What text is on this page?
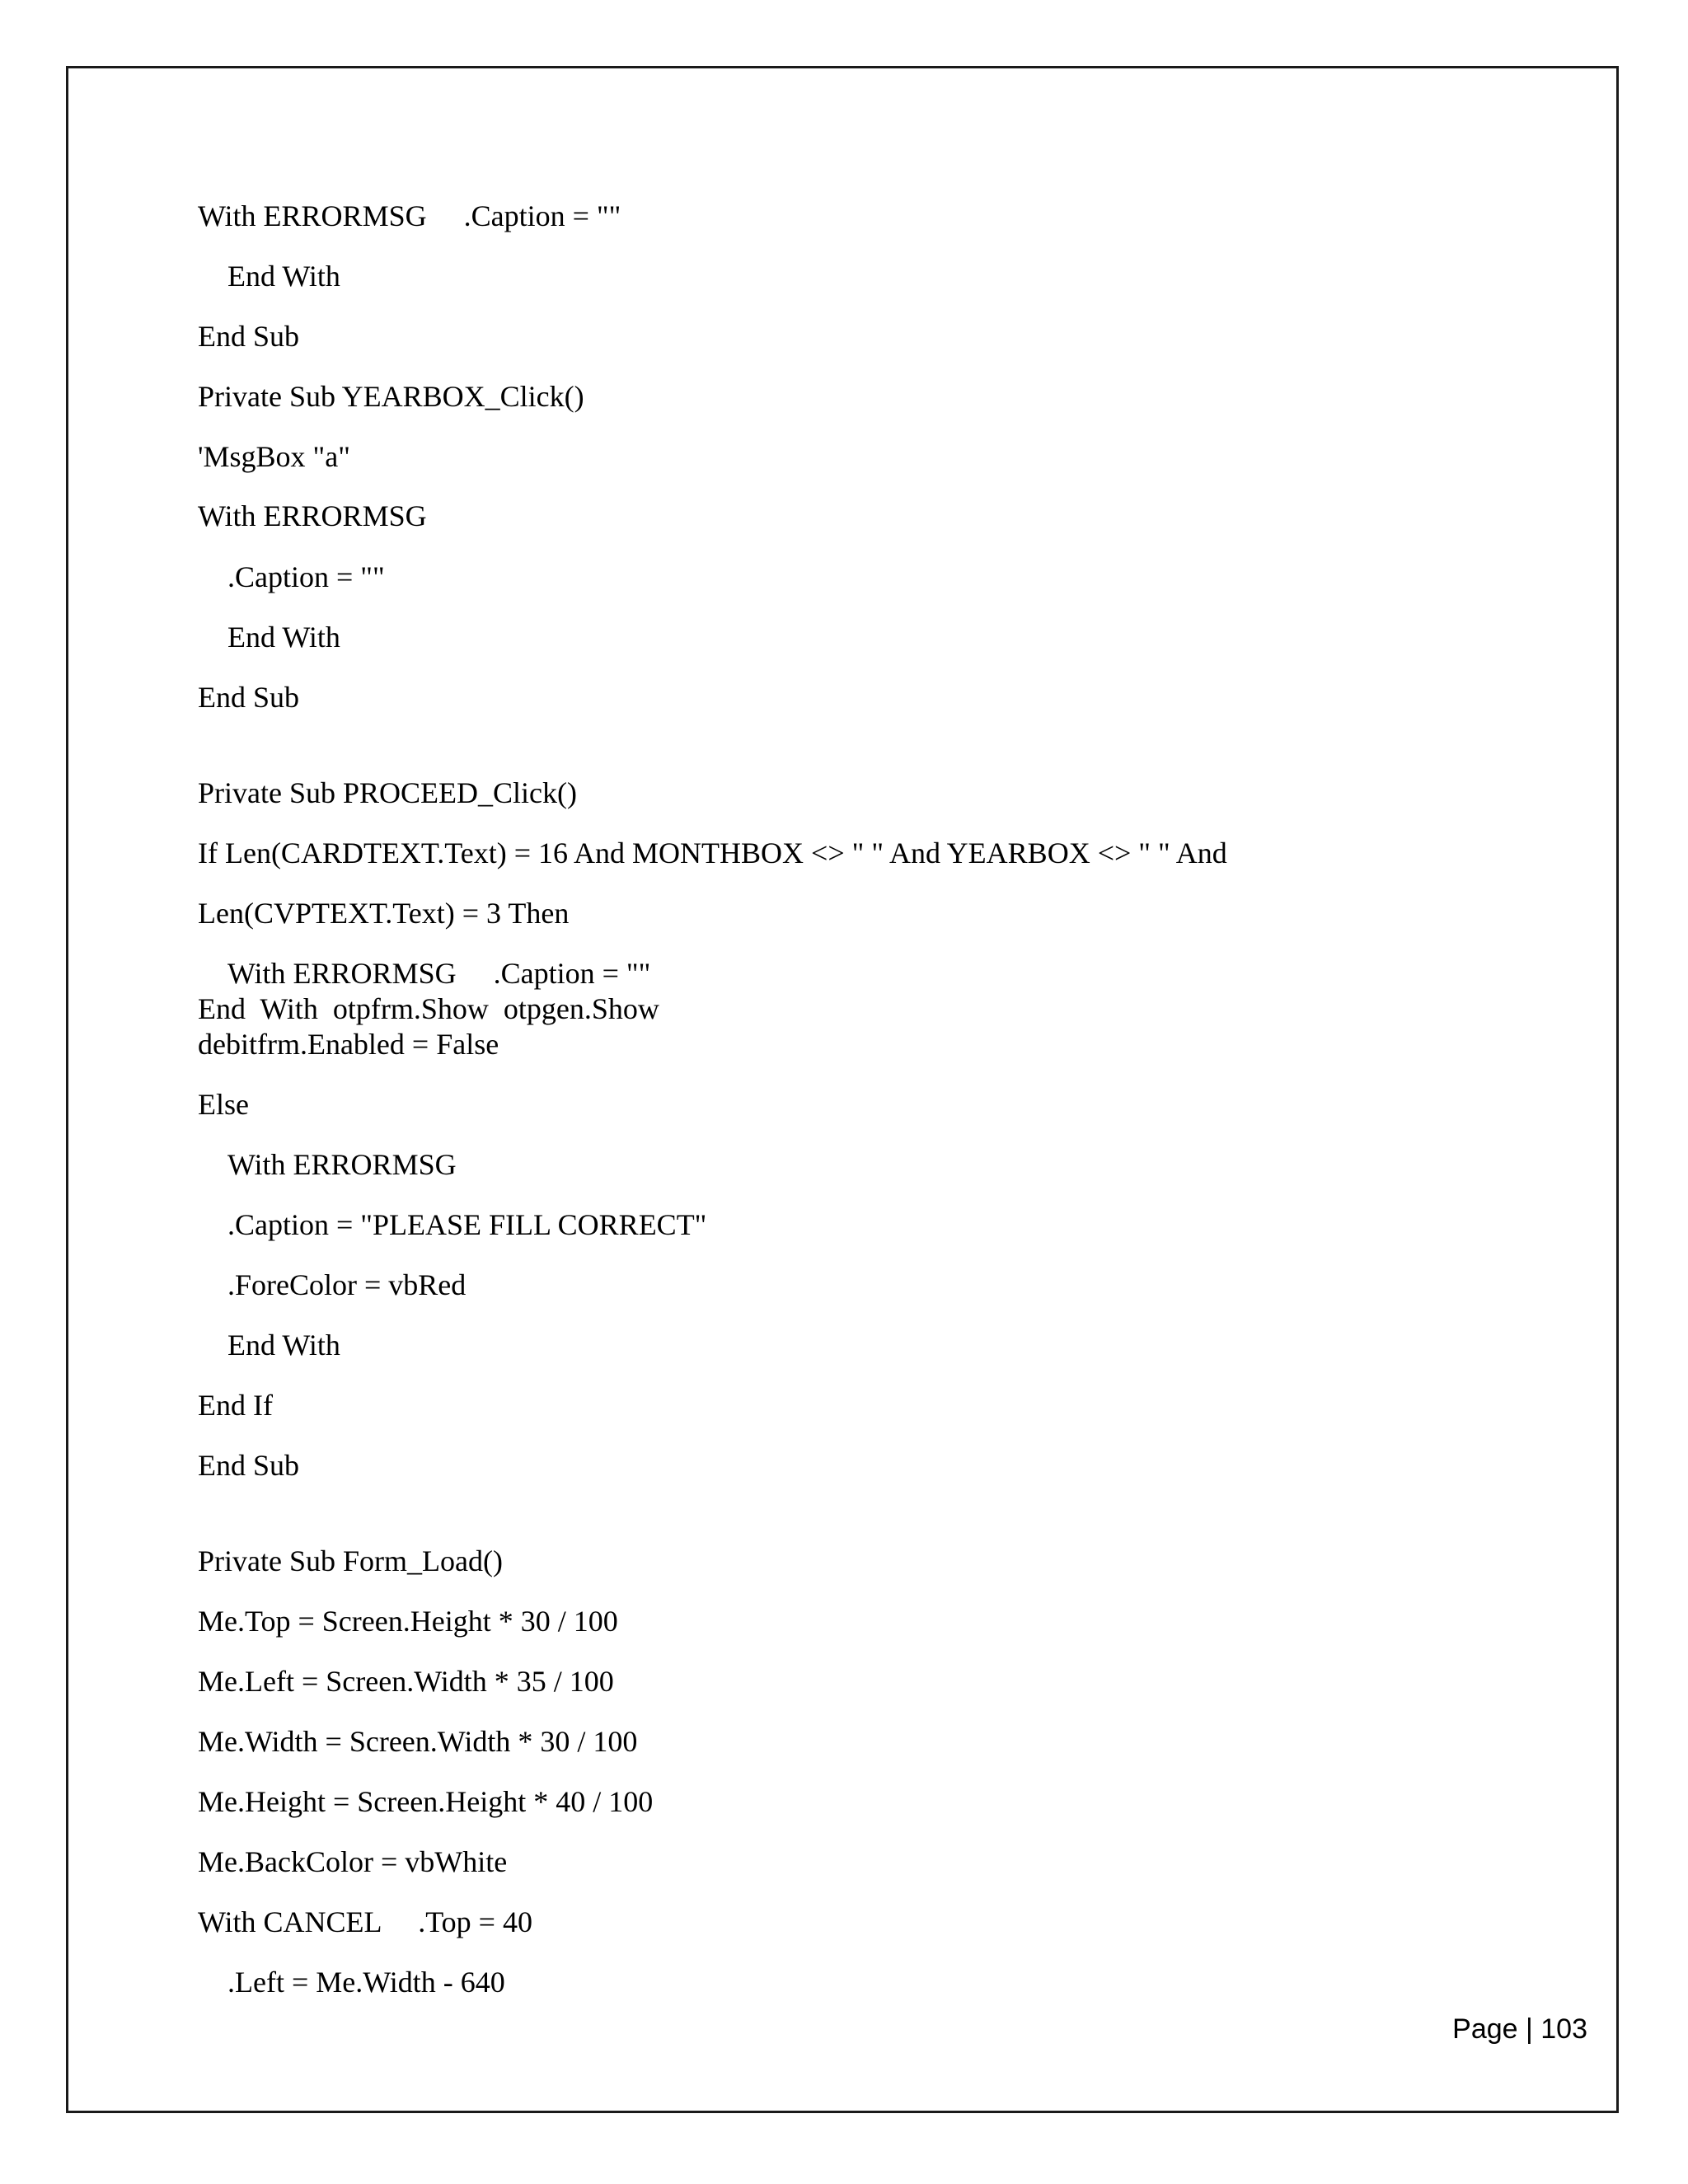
With ERRORMSG     .Caption = ""
End With
End Sub
Private Sub YEARBOX_Click()
'MsgBox "a"
With ERRORMSG
.Caption = ""
End With
End Sub
Private Sub PROCEED_Click()
If Len(CARDTEXT.Text) = 16 And MONTHBOX <> " " And YEARBOX <> " " And
Len(CVPTEXT.Text) = 3 Then
With ERRORMSG     .Caption = ""
End  With  otpfrm.Show  otpgen.Show
debitfrm.Enabled = False
Else
With ERRORMSG
.Caption = "PLEASE FILL CORRECT"
.ForeColor = vbRed
End With
End If
End Sub
Private Sub Form_Load()
Me.Top = Screen.Height * 30 / 100
Me.Left = Screen.Width * 35 / 100
Me.Width = Screen.Width * 30 / 100
Me.Height = Screen.Height * 40 / 100
Me.BackColor = vbWhite
With CANCEL     .Top = 40
.Left = Me.Width - 640
Page | 103
